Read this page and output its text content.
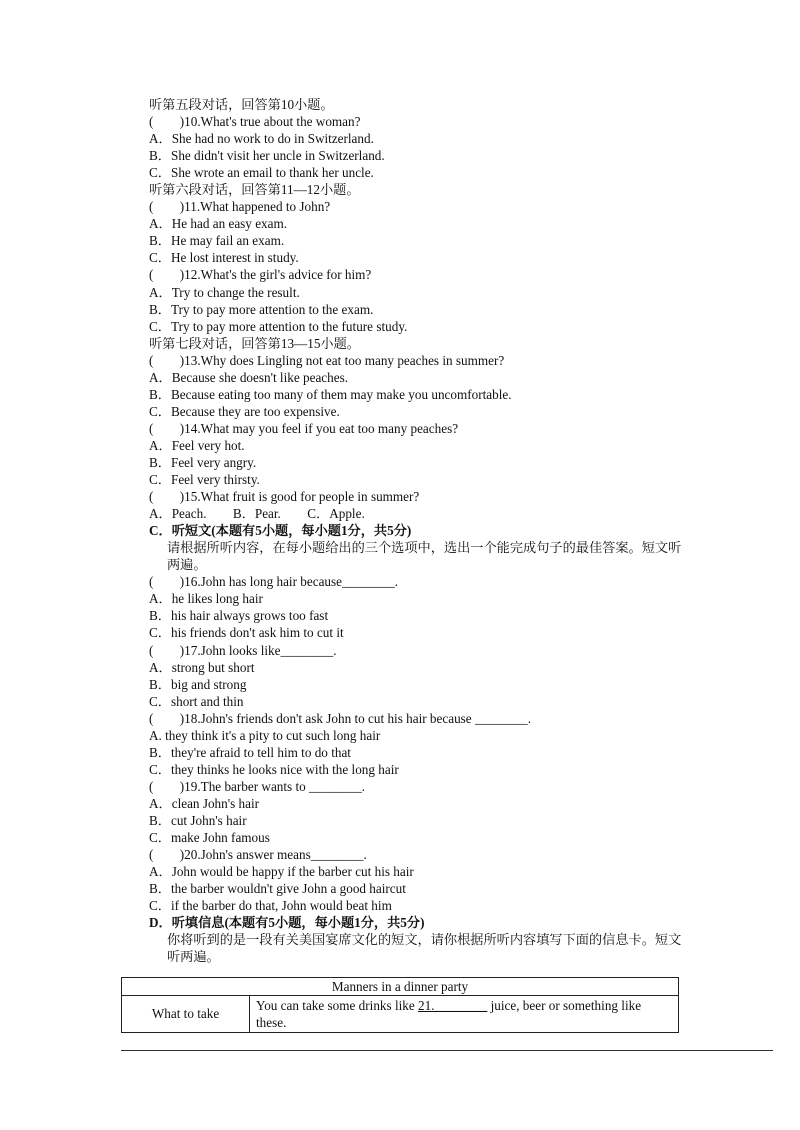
听第五段对话，回答第10小题。
(　　)10.What's true about the woman?
A．She had no work to do in Switzerland.
B．She didn't visit her uncle in Switzerland.
C．She wrote an email to thank her uncle.
听第六段对话，回答第11—12小题。
(　　)11.What happened to John?
A．He had an easy exam.
B．He may fail an exam.
C．He lost interest in study.
(　　)12.What's the girl's advice for him?
A．Try to change the result.
B．Try to pay more attention to the exam.
C．Try to pay more attention to the future study.
听第七段对话，回答第13—15小题。
(　　)13.Why does Lingling not eat too many peaches in summer?
A．Because she doesn't like peaches.
B．Because eating too many of them may make you uncomfortable.
C．Because they are too expensive.
(　　)14.What may you feel if you eat too many peaches?
A．Feel very hot.
B．Feel very angry.
C．Feel very thirsty.
(　　)15.What fruit is good for people in summer?
A．Peach.　　B．Pear.　　C．Apple.
C．听短文(本题有5小题，每小题1分，共5分)
请根据所听内容，在每小题给出的三个选项中，选出一个能完成句子的最佳答案。短文听两遍。
(　　)16.John has long hair because________.
A．he likes long hair
B．his hair always grows too fast
C．his friends don't ask him to cut it
(　　)17.John looks like________.
A．strong but short
B．big and strong
C．short and thin
(　　)18.John's friends don't ask John to cut his hair because ________.
A. they think it's a pity to cut such long hair
B．they're afraid to tell him to do that
C．they thinks he looks nice with the long hair
(　　)19.The barber wants to ________.
A．clean John's hair
B．cut John's hair
C．make John famous
(　　)20.John's answer means________.
A．John would be happy if the barber cut his hair
B．the barber wouldn't give John a good haircut
C．if the barber do that, John would beat him
D．听填信息(本题有5小题，每小题1分，共5分)
你将听到的是一段有关美国宴席文化的短文，请你根据所听内容填写下面的信息卡。短文听两遍。
Manners in a dinner party
What to take	You can take some drinks like 21.________ juice, beer or something like these.
